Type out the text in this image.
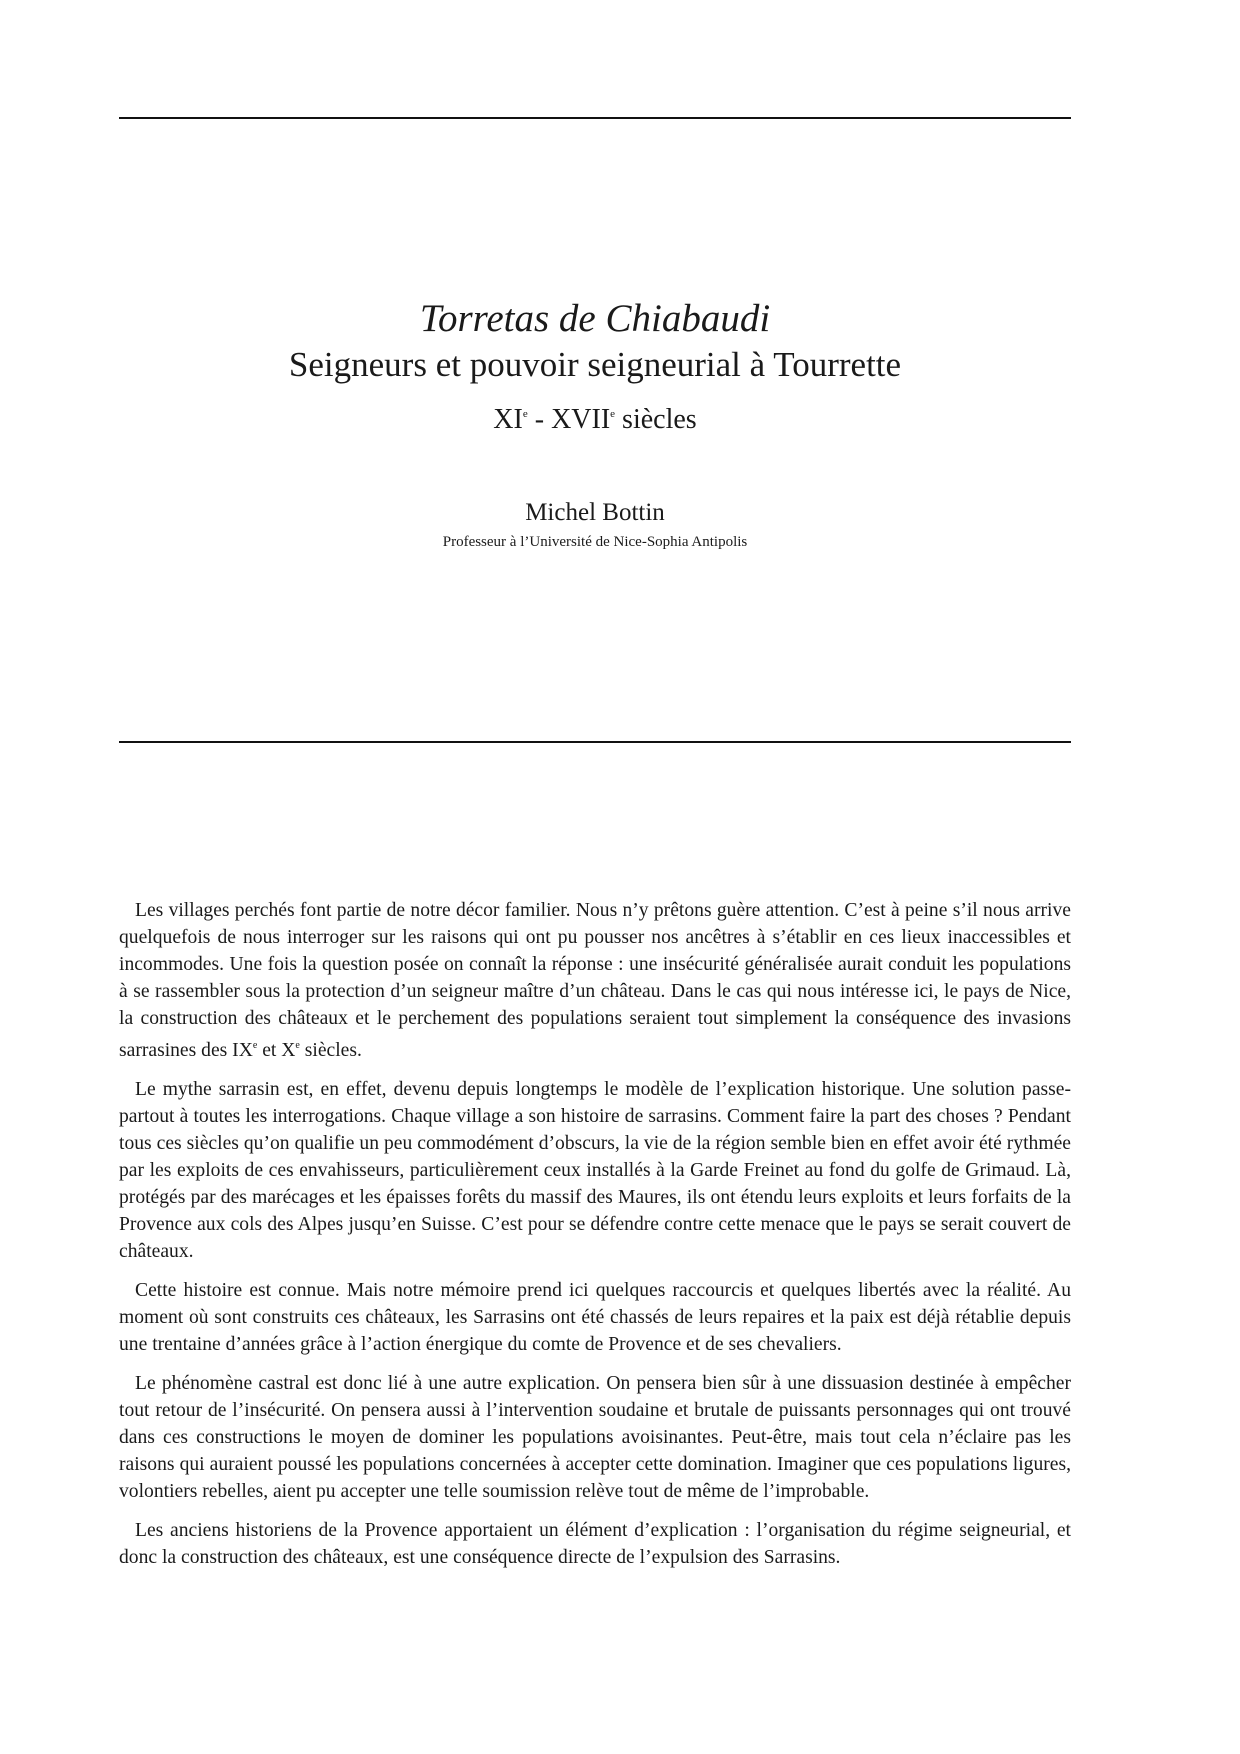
Torretas de Chiabaudi
Seigneurs et pouvoir seigneurial à Tourrette
XIe - XVIIe siècles
Michel Bottin
Professeur à l’Université de Nice-Sophia Antipolis

Les villages perchés font partie de notre décor familier. Nous n’y prêtons guère attention. C’est à peine s’il nous arrive quelquefois de nous interroger sur les raisons qui ont pu pousser nos ancêtres à s’établir en ces lieux inaccessibles et incommodes. Une fois la question posée on connaît la réponse : une insécurité généralisée aurait conduit les populations à se rassembler sous la protection d’un seigneur maître d’un château. Dans le cas qui nous intéresse ici, le pays de Nice, la construction des châteaux et le perchement des populations seraient tout simplement la conséquence des invasions sarrasines des IXe et Xe siècles.

Le mythe sarrasin est, en effet, devenu depuis longtemps le modèle de l’explication historique. Une solution passe-partout à toutes les interrogations. Chaque village a son histoire de sarrasins. Comment faire la part des choses ? Pendant tous ces siècles qu’on qualifie un peu commodément d’obscurs, la vie de la région semble bien en effet avoir été rythmée par les exploits de ces envahisseurs, particulièrement ceux installés à la Garde Freinet au fond du golfe de Grimaud. Là, protégés par des marécages et les épaisses forêts du massif des Maures, ils ont étendu leurs exploits et leurs forfaits de la Provence aux cols des Alpes jusqu’en Suisse. C’est pour se défendre contre cette menace que le pays se serait couvert de châteaux.

Cette histoire est connue. Mais notre mémoire prend ici quelques raccourcis et quelques libertés avec la réalité. Au moment où sont construits ces châteaux, les Sarrasins ont été chassés de leurs repaires et la paix est déjà rétablie depuis une trentaine d’années grâce à l’action énergique du comte de Provence et de ses chevaliers.

Le phénomène castral est donc lié à une autre explication. On pensera bien sûr à une dissuasion destinée à empêcher tout retour de l’insécurité. On pensera aussi à l’intervention soudaine et brutale de puissants personnages qui ont trouvé dans ces constructions le moyen de dominer les populations avoisinantes. Peut-être, mais tout cela n’éclaire pas les raisons qui auraient poussé les populations concernées à accepter cette domination. Imaginer que ces populations ligures, volontiers rebelles, aient pu accepter une telle soumission relève tout de même de l’improbable.

Les anciens historiens de la Provence apportaient un élément d’explication : l’organisation du régime seigneurial, et donc la construction des châteaux, est une conséquence directe de l’expulsion des Sarrasins.
